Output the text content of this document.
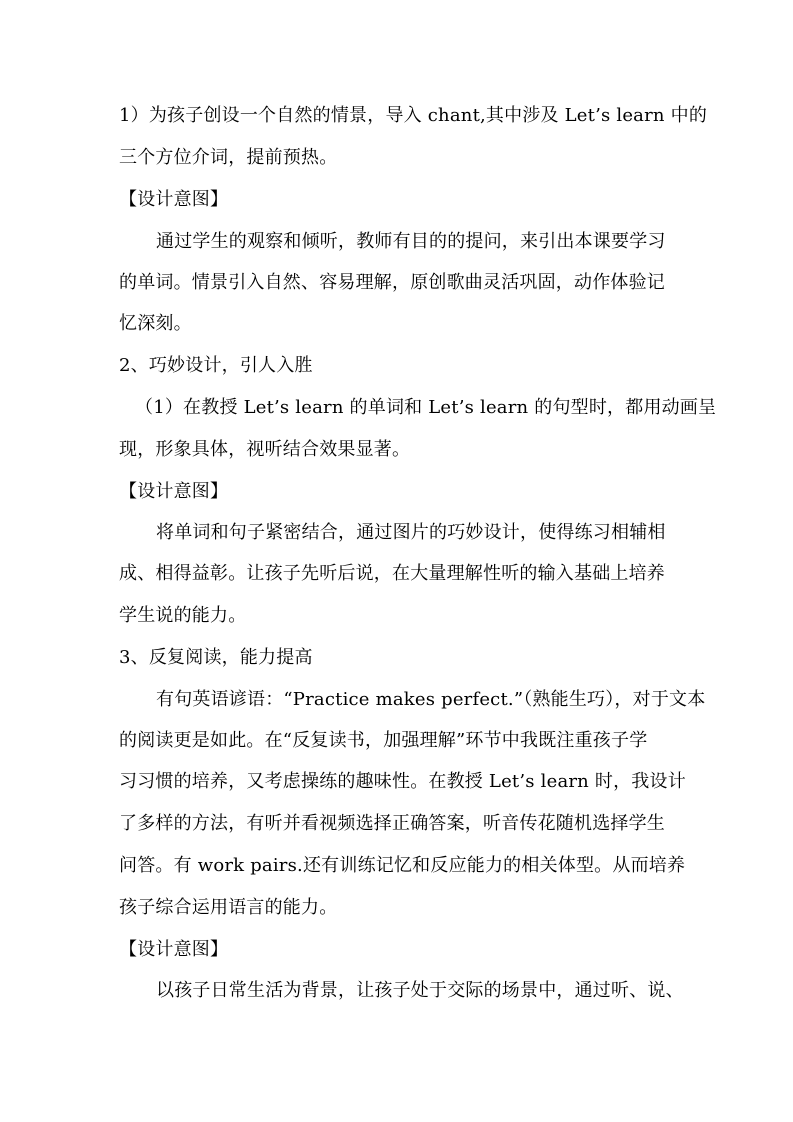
1）为孩子创设一个自然的情景，导入 chant,其中涉及 Let’s learn 中的
三个方位介词，提前预热。
【设计意图】
通过学生的观察和倾听，教师有目的的提问，来引出本课要学习
的单词。情景引入自然、容易理解，原创歌曲灵活巩固，动作体验记
忆深刻。
2、巧妙设计，引人入胜
（1）在教授 Let’s learn 的单词和 Let’s learn 的句型时，都用动画呈
现，形象具体，视听结合效果显著。
【设计意图】
将单词和句子紧密结合，通过图片的巧妙设计，使得练习相辅相
成、相得益彰。让孩子先听后说，在大量理解性听的输入基础上培养
学生说的能力。
3、反复阅读，能力提高
有句英语谚语：“Practice makes perfect.”（熟能生巧），对于文本
的阅读更是如此。在“反复读书，加强理解”环节中我既注重孩子学
习习惯的培养，又考虑操练的趣味性。在教授 Let’s learn 时，我设计
了多样的方法，有听并看视频选择正确答案，听音传花随机选择学生
问答。有 work pairs.还有训练记忆和反应能力的相关体型。从而培养
孩子综合运用语言的能力。
【设计意图】
以孩子日常生活为背景，让孩子处于交际的场景中，通过听、说、
